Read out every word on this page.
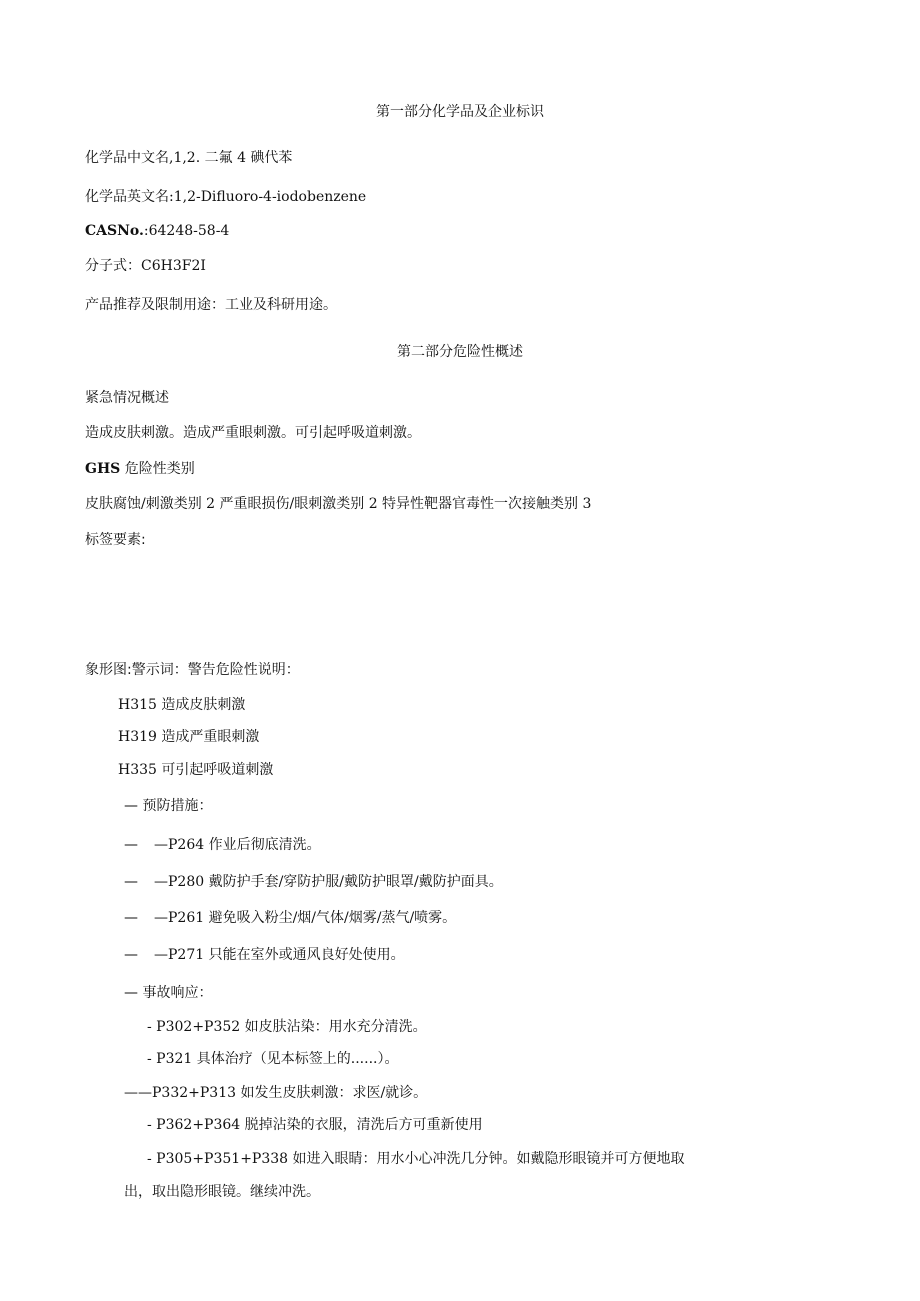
第一部分化学品及企业标识
化学品中文名,1,2. 二氟 4 碘代苯
化学品英文名:1,2-Difluoro-4-iodobenzene
CASNo.:64248-58-4
分子式：C6H3F2I
产品推荐及限制用途：工业及科研用途。
第二部分危险性概述
紧急情况概述
造成皮肤刺激。造成严重眼刺激。可引起呼吸道刺激。
GHS 危险性类别
皮肤腐蚀/刺激类别 2 严重眼损伤/眼刺激类别 2 特异性靶器官毒性一次接触类别 3
标签要素:
象形图:警示词：警告危险性说明：
H315 造成皮肤刺激
H319 造成严重眼刺激
H335 可引起呼吸道刺激
— 预防措施：
— —P264 作业后彻底清洗。
— —P280 戴防护手套/穿防护服/戴防护眼罩/戴防护面具。
— —P261 避免吸入粉尘/烟/气体/烟雾/蒸气/喷雾。
— —P271 只能在室外或通风良好处使用。
— 事故响应：
- P302+P352 如皮肤沾染：用水充分清洗。
- P321 具体治疗（见本标签上的......）。
——P332+P313 如发生皮肤刺激：求医/就诊。
- P362+P364 脱掉沾染的衣服，清洗后方可重新使用
- P305+P351+P338 如进入眼睛：用水小心冲洗几分钟。如戴隐形眼镜并可方便地取
出，取出隐形眼镜。继续冲洗。
